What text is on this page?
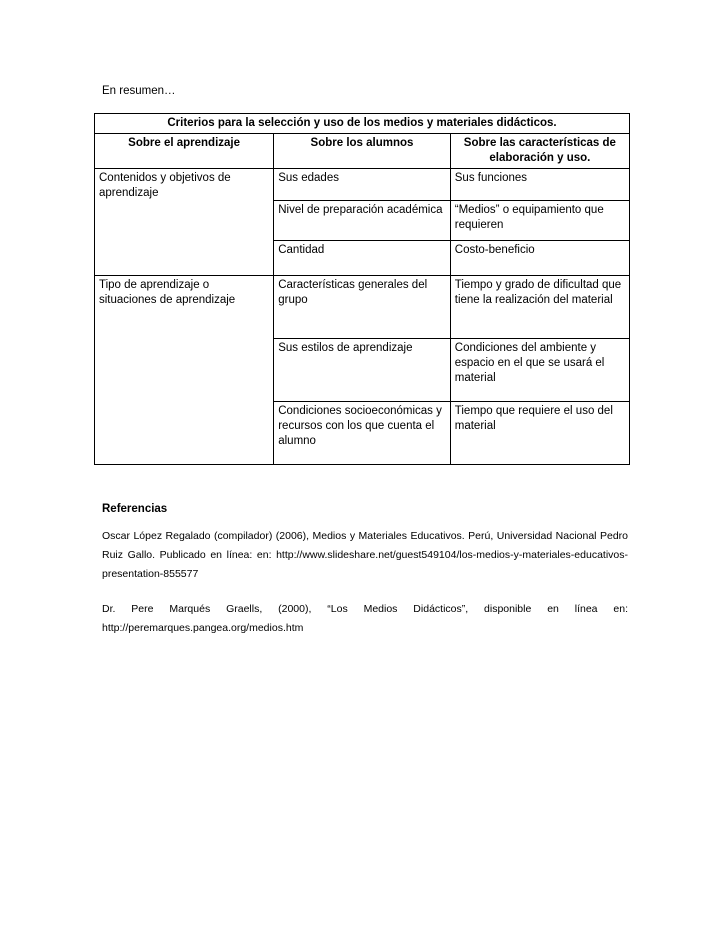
En resumen…
Criterios para la selección y uso de los medios y materiales didácticos.		
Sobre el aprendizaje	Sobre los alumnos	Sobre las características de elaboración y uso.
Contenidos y objetivos de aprendizaje	Sus edades	Sus funciones
	Nivel de preparación académica	“Medios” o equipamiento que requieren
	Cantidad	Costo-beneficio
Tipo de aprendizaje o situaciones de aprendizaje	Características generales del grupo	Tiempo y grado de dificultad que tiene la realización del material
	Sus estilos de aprendizaje	Condiciones del ambiente y espacio en el que se usará el material
	Condiciones socioeconómicas y recursos con los que cuenta el alumno	Tiempo que requiere el uso del material
Referencias

Oscar López Regalado (compilador) (2006), Medios y Materiales Educativos. Perú, Universidad Nacional Pedro Ruiz Gallo. Publicado en línea: en: http://www.slideshare.net/guest549104/los-medios-y-materiales-educativos-presentation-855577

Dr. Pere Marqués Graells, (2000), “Los Medios Didácticos”, disponible en línea en: http://peremarques.pangea.org/medios.htm
